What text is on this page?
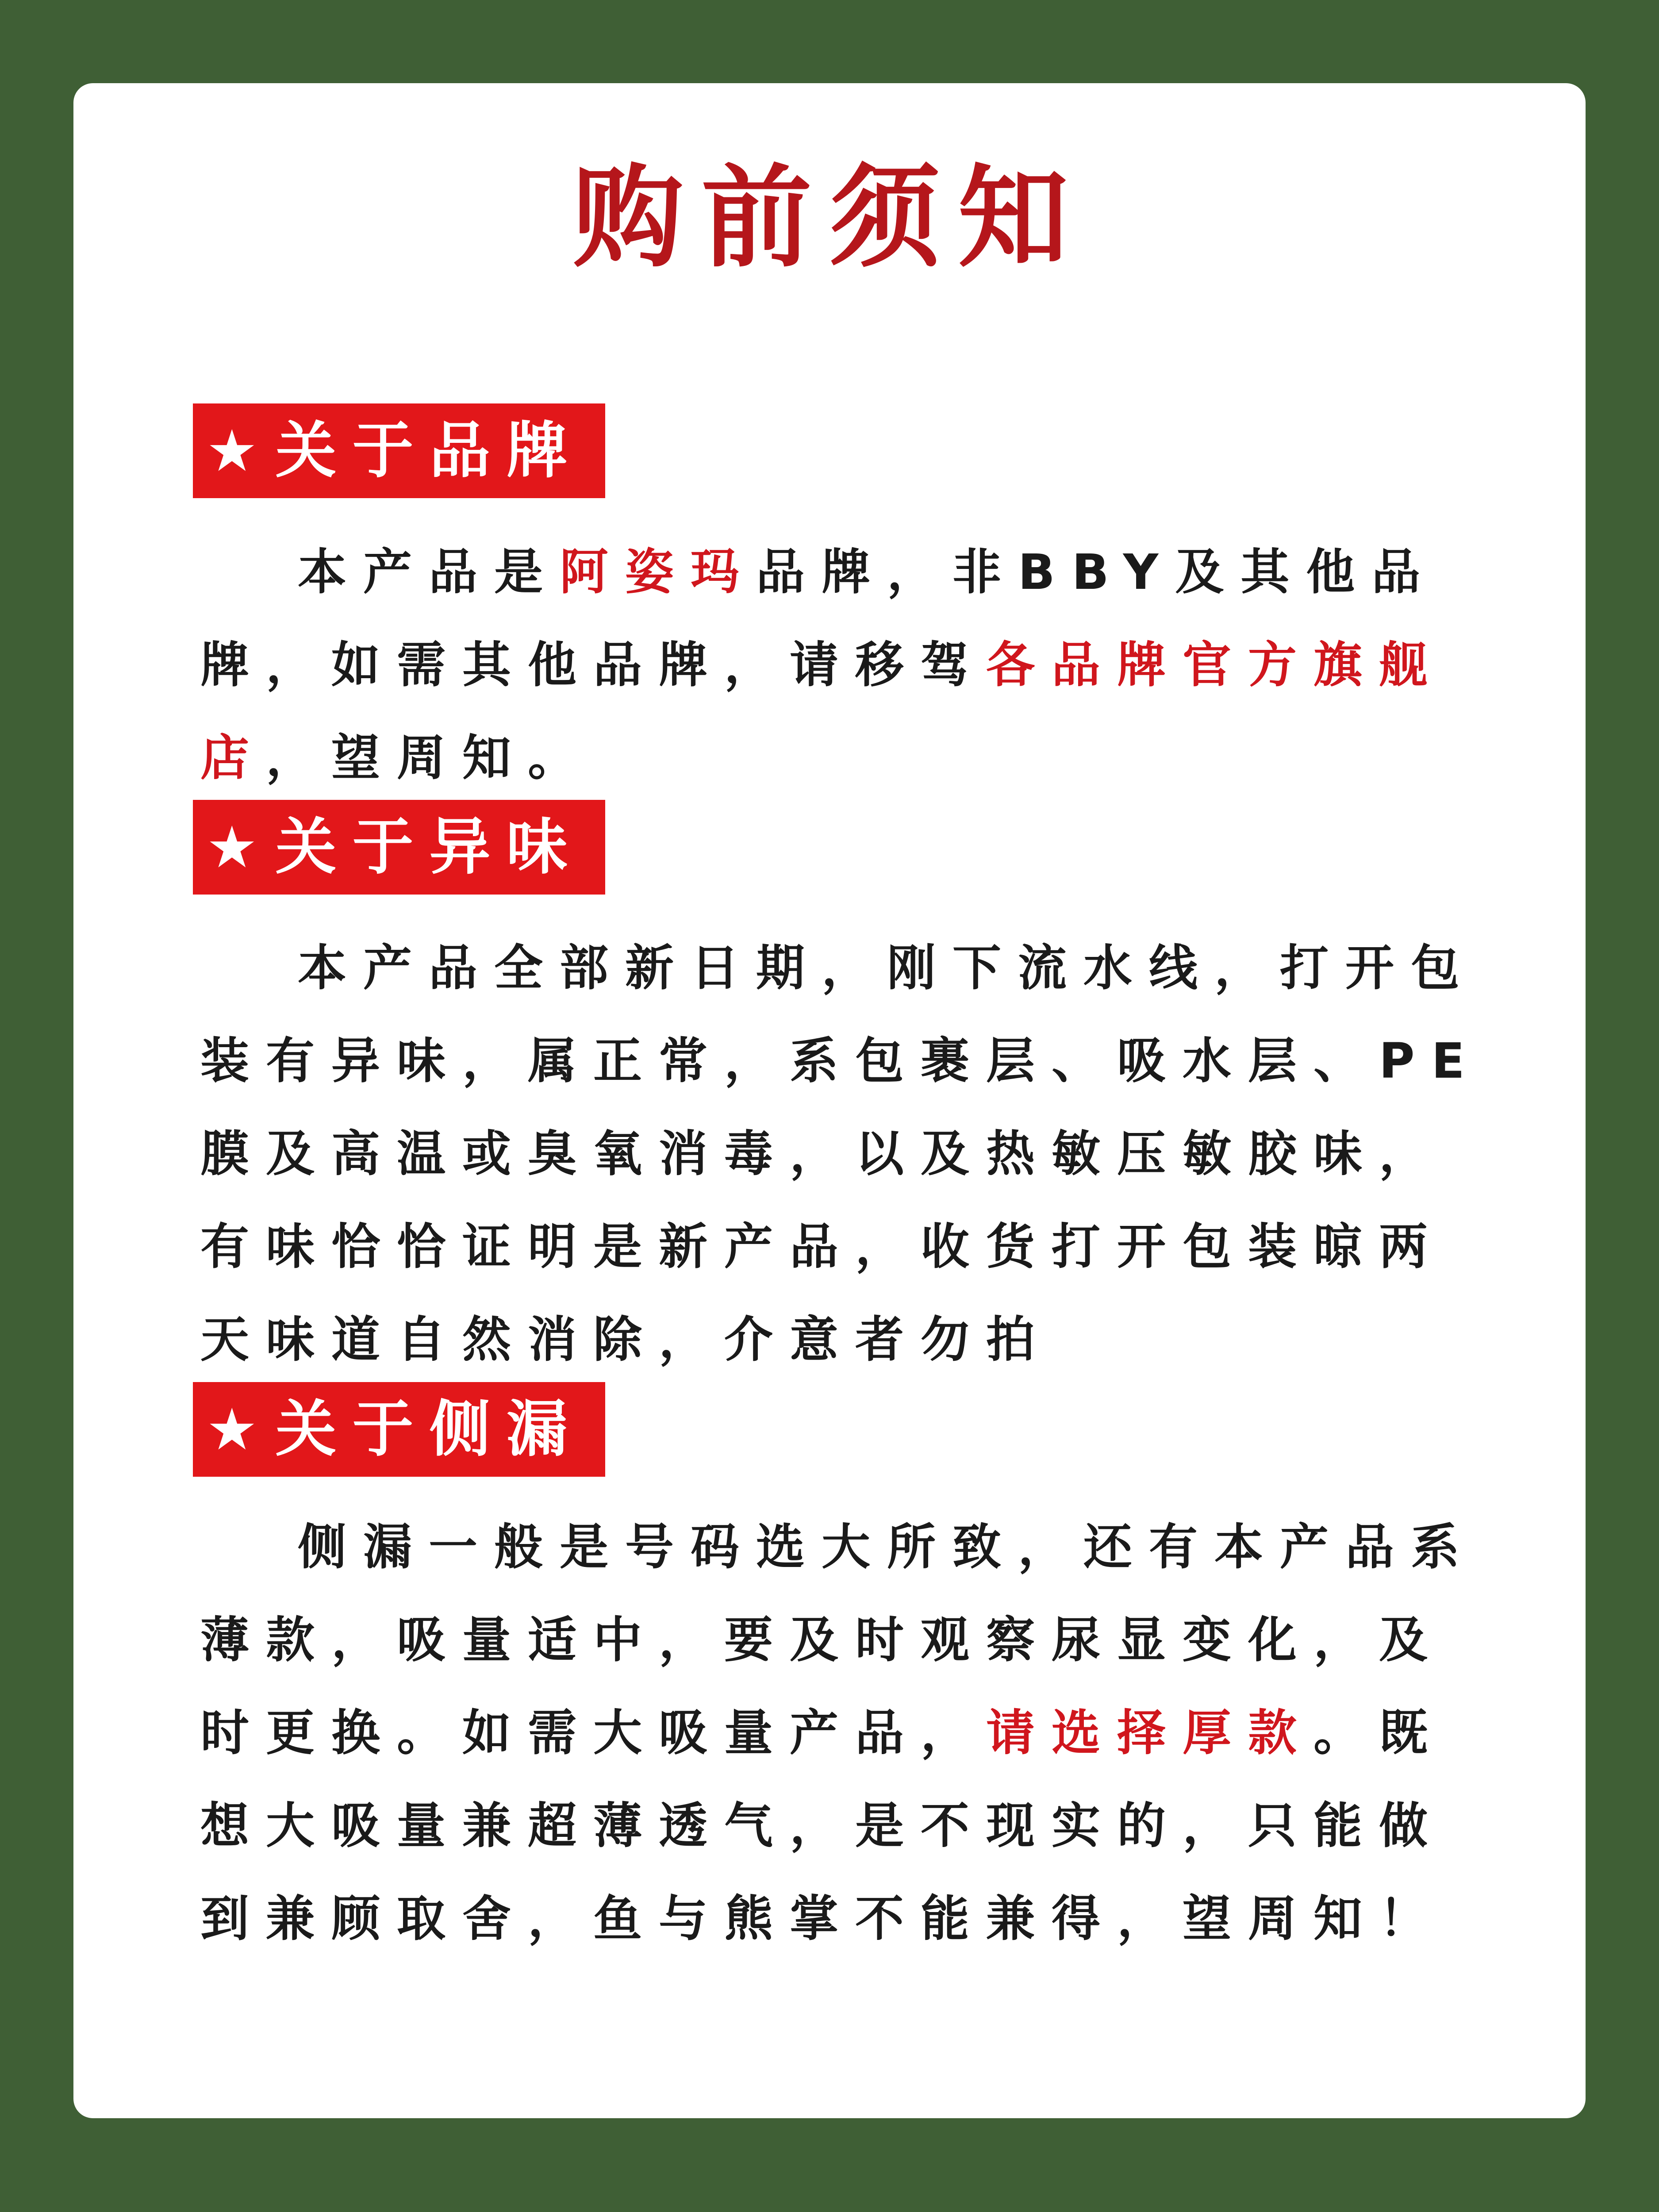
购前须知
★ 关于品牌

本产品是阿姿玛品牌，非BBY及其他品牌，如需其他品牌，请移驾各品牌官方旗舰店，望周知。

★ 关于异味

本产品全部新日期，刚下流水线，打开包装有异味，属正常，系包裹层、吸水层、PE膜及高温或臭氧消毒，以及热敏压敏胶味，有味恰恰证明是新产品，收货打开包装晾两天味道自然消除，介意者勿拍

★ 关于侧漏

侧漏一般是号码选大所致，还有本产品系薄款，吸量适中，要及时观察尿显变化，及时更换。如需大吸量产品，请选择厚款。既想大吸量兼超薄透气，是不现实的，只能做到兼顾取舍，鱼与熊掌不能兼得，望周知！
